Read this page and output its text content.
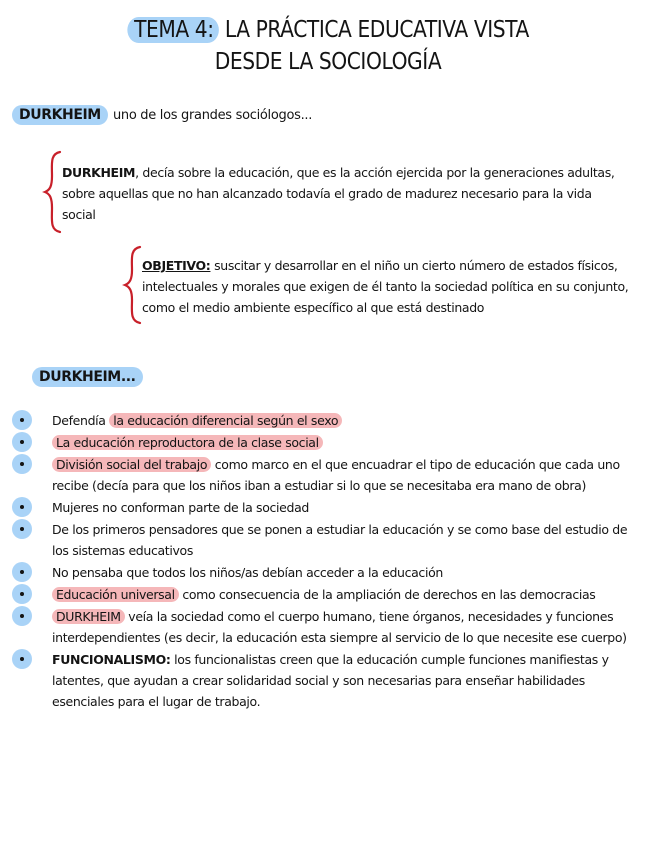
TEMA 4: LA PRÁCTICA EDUCATIVA VISTA
DESDE LA SOCIOLOGÍA
DURKHEIM uno de los grandes sociólogos...
DURKHEIM, decía sobre la educación, que es la acción ejercida por la generaciones adultas, sobre aquellas que no han alcanzado todavía el grado de madurez necesario para la vida social
OBJETIVO: suscitar y desarrollar en el niño un cierto número de estados físicos, intelectuales y morales que exigen de él tanto la sociedad política en su conjunto, como el medio ambiente específico al que está destinado
DURKHEIM...
Defendía la educación diferencial según el sexo
La educación reproductora de la clase social
División social del trabajo como marco en el que encuadrar el tipo de educación que cada uno recibe (decía para que los niños iban a estudiar si lo que se necesitaba era mano de obra)
Mujeres no conforman parte de la sociedad
De los primeros pensadores que se ponen a estudiar la educación y se como base del estudio de los sistemas educativos
No pensaba que todos los niños/as debían acceder a la educación
Educación universal como consecuencia de la ampliación de derechos en las democracias
DURKHEIM veía la sociedad como el cuerpo humano, tiene órganos, necesidades y funciones interdependientes (es decir, la educación esta siempre al servicio de lo que necesite ese cuerpo)
FUNCIONALISMO: los funcionalistas creen que la educación cumple funciones manifiestas y latentes, que ayudan a crear solidaridad social y son necesarias para enseñar habilidades esenciales para el lugar de trabajo.
